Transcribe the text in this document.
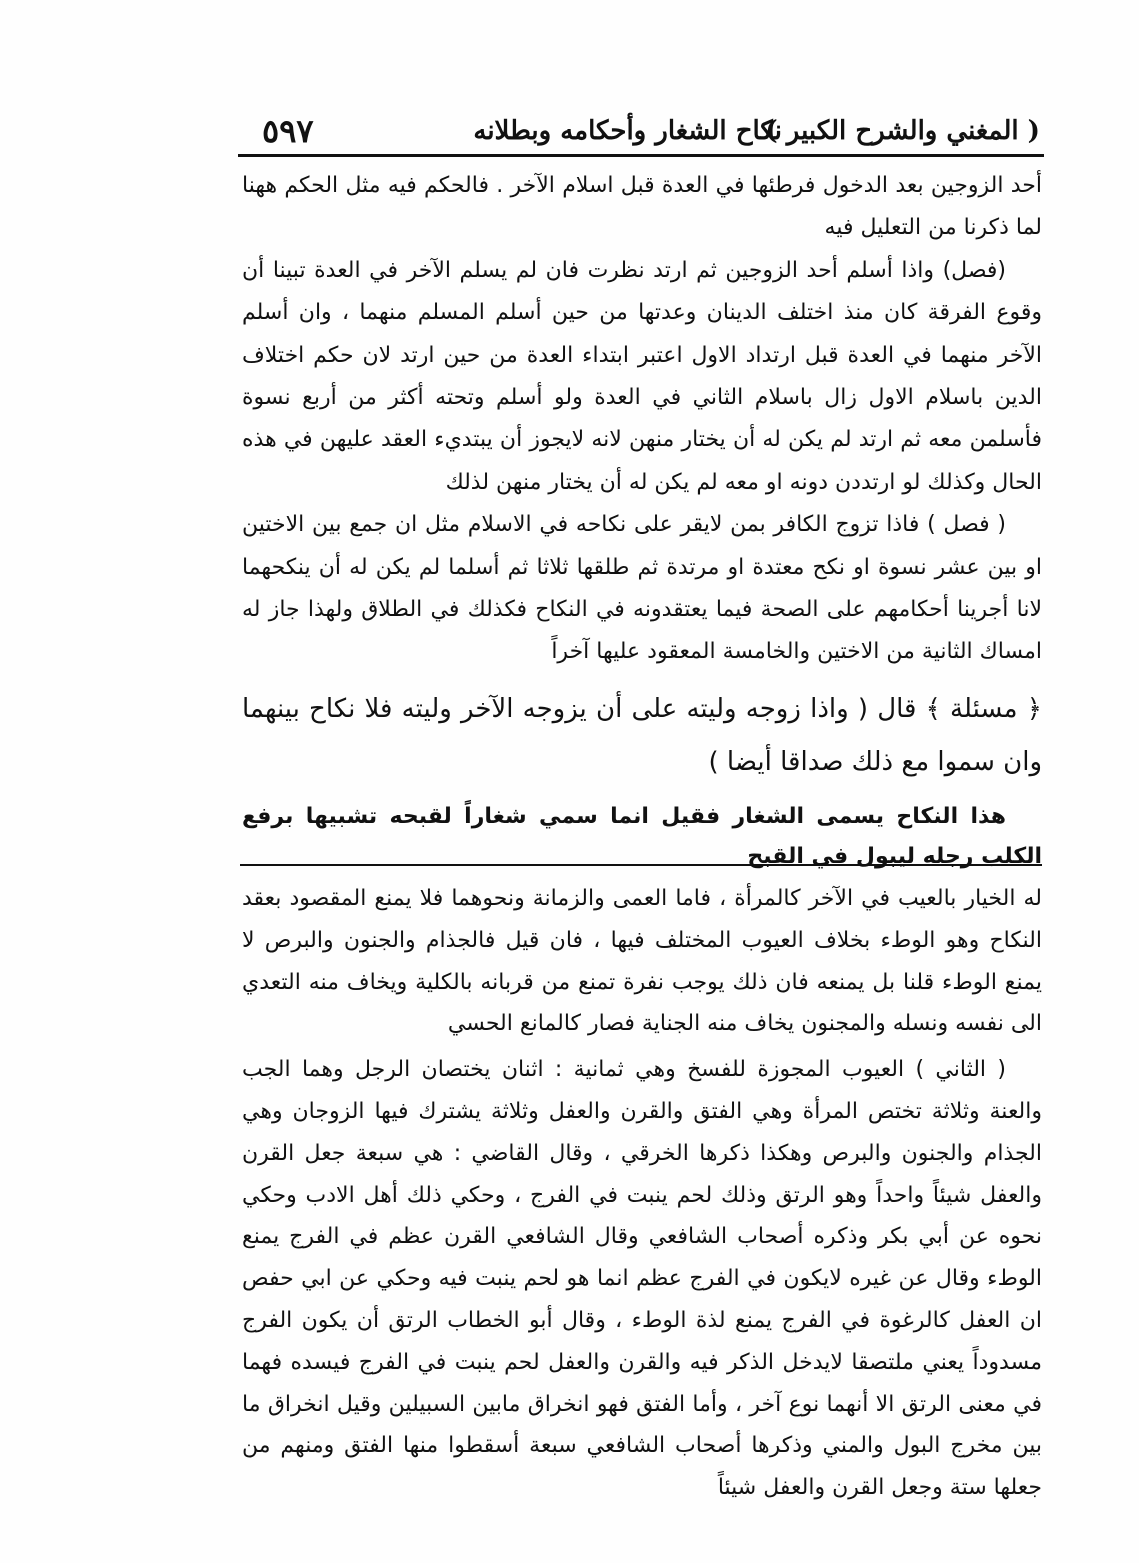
( المغني والشرح الكبير )
نكاح الشغار وأحكامه وبطلانه
٥٩٧

أحد الزوجين بعد الدخول فرطئها في العدة قبل اسلام الآخر . فالحكم فيه مثل الحكم ههنا لما ذكرنا من التعليل فيه

(فصل) واذا أسلم أحد الزوجين ثم ارتد نظرت فان لم يسلم الآخر في العدة تبينا أن وقوع الفرقة كان منذ اختلف الدينان وعدتها من حين أسلم المسلم منهما ، وان أسلم الآخر منهما في العدة قبل ارتداد الاول اعتبر ابتداء العدة من حين ارتد لان حكم اختلاف الدين باسلام الاول زال باسلام الثاني في العدة ولو أسلم وتحته أكثر من أربع نسوة فأسلمن معه ثم ارتد لم يكن له أن يختار منهن لانه لايجوز أن يبتديء العقد عليهن في هذه الحال وكذلك لو ارتددن دونه او معه لم يكن له أن يختار منهن لذلك

( فصل ) فاذا تزوج الكافر بمن لايقر على نكاحه في الاسلام مثل ان جمع بين الاختين او بين عشر نسوة او نكح معتدة او مرتدة ثم طلقها ثلاثا ثم أسلما لم يكن له أن ينكحهما لانا أجرينا أحكامهم على الصحة فيما يعتقدونه في النكاح فكذلك في الطلاق ولهذا جاز له امساك الثانية من الاختين والخامسة المعقود عليها آخراً

﴿ مسئلة ﴾ قال ( واذا زوجه وليته على أن يزوجه الآخر وليته فلا نكاح بينهما وان سموا مع ذلك صداقا أيضا )

هذا النكاح يسمى الشغار فقيل انما سمي شغاراً لقبحه تشبيها برفع الكلب رجله ليبول في القبح

له الخيار بالعيب في الآخر كالمرأة ، فاما العمى والزمانة ونحوهما فلا يمنع المقصود بعقد النكاح وهو الوطء بخلاف العيوب المختلف فيها ، فان قيل فالجذام والجنون والبرص لا يمنع الوطء قلنا بل يمنعه فان ذلك يوجب نفرة تمنع من قربانه بالكلية ويخاف منه التعدي الى نفسه ونسله والمجنون يخاف منه الجناية فصار كالمانع الحسي

( الثاني ) العيوب المجوزة للفسخ وهي ثمانية : اثنان يختصان الرجل وهما الجب والعنة وثلاثة تختص المرأة وهي الفتق والقرن والعفل وثلاثة يشترك فيها الزوجان وهي الجذام والجنون والبرص وهكذا ذكرها الخرقي ، وقال القاضي : هي سبعة جعل القرن والعفل شيئاً واحداً وهو الرتق وذلك لحم ينبت في الفرج ، وحكي ذلك أهل الادب وحكي نحوه عن أبي بكر وذكره أصحاب الشافعي وقال الشافعي القرن عظم في الفرج يمنع الوطء وقال عن غيره لايكون في الفرج عظم انما هو لحم ينبت فيه وحكي عن ابي حفص ان العفل كالرغوة في الفرج يمنع لذة الوطء ، وقال أبو الخطاب الرتق أن يكون الفرج مسدوداً يعني ملتصقا لايدخل الذكر فيه والقرن والعفل لحم ينبت في الفرج فيسده فهما في معنى الرتق الا أنهما نوع آخر ، وأما الفتق فهو انخراق مابين السبيلين وقيل انخراق ما بين مخرج البول والمني وذكرها أصحاب الشافعي سبعة أسقطوا منها الفتق ومنهم من جعلها ستة وجعل القرن والعفل شيئاً
